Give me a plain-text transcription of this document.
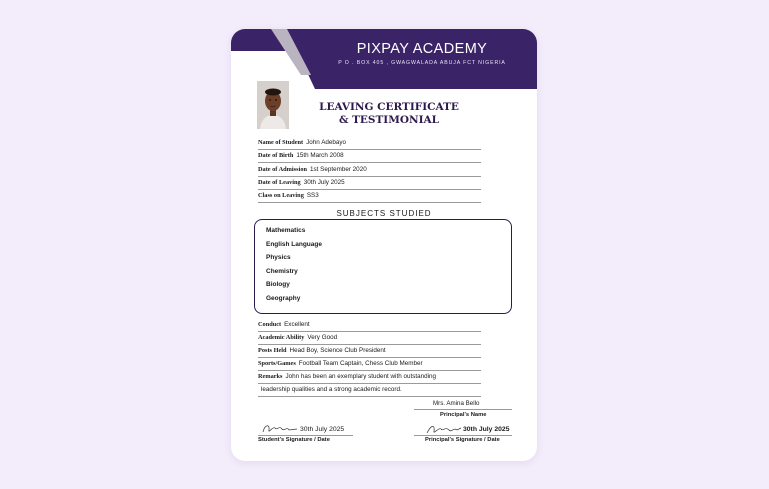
PIXPAY ACADEMY
P O . BOX 405 , GWAGWALADA ABUJA FCT NIGERIA
LEAVING CERTIFICATE
& TESTIMONIAL
Name of Student John Adebayo
Date of Birth 15th March 2008
Date of Admission 1st September 2020
Date of Leaving 30th July 2025
Class on Leaving SS3
SUBJECTS STUDIED
Mathematics
English Language
Physics
Chemistry
Biology
Geography
Conduct Excellent
Academic Ability Very Good
Posts Held Head Boy, Science Club President
Sports/Games Football Team Captain, Chess Club Member
Remarks John has been an exemplary student with outstanding
leadership qualities and a strong academic record.
Mrs. Amina Bello
Principal's Name
30th July 2025
Student's Signature / Date
30th July 2025
Principal's Signature / Date
